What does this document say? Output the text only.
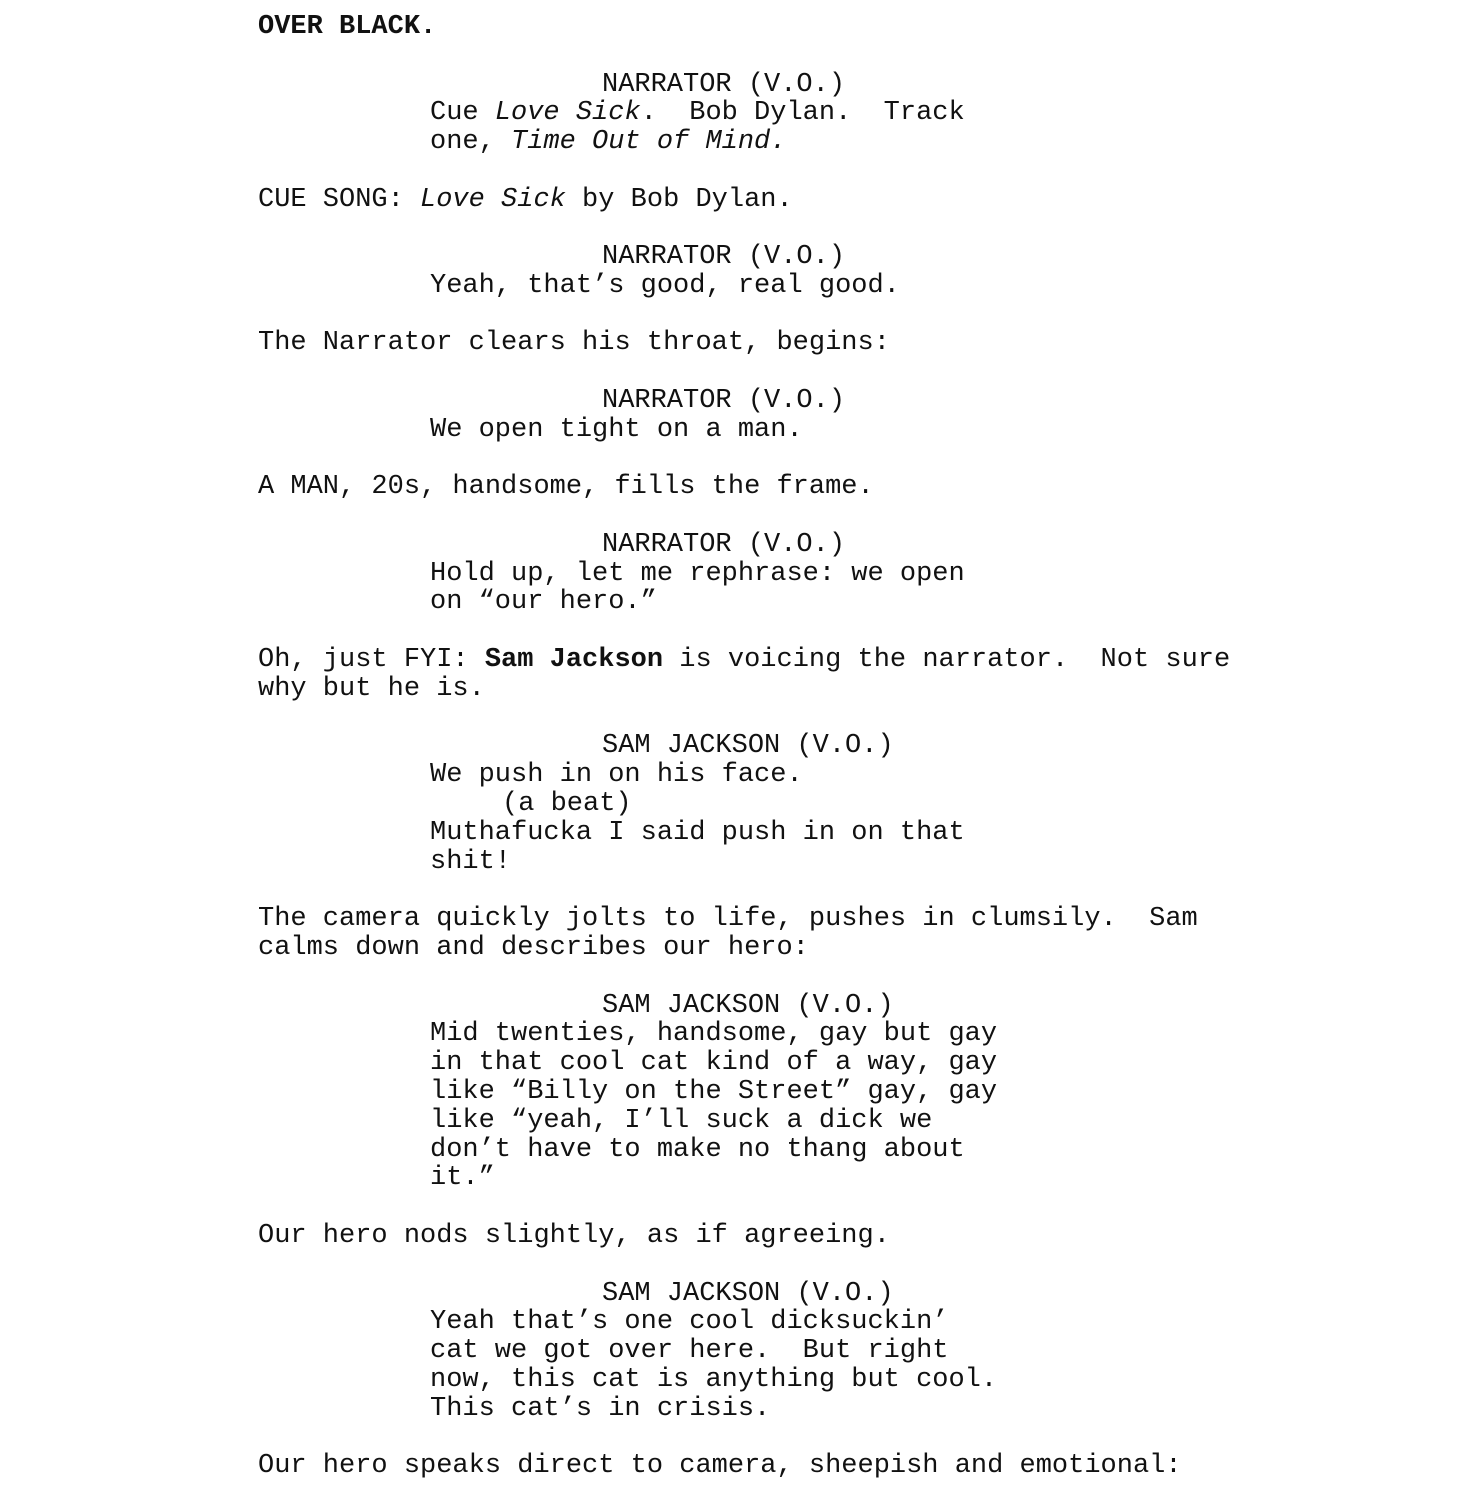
OVER BLACK.
NARRATOR (V.O.)
Cue Love Sick.  Bob Dylan.  Track
one, Time Out of Mind.
CUE SONG: Love Sick by Bob Dylan.
NARRATOR (V.O.)
Yeah, that’s good, real good.
The Narrator clears his throat, begins:
NARRATOR (V.O.)
We open tight on a man.
A MAN, 20s, handsome, fills the frame.
NARRATOR (V.O.)
Hold up, let me rephrase: we open
on “our hero.”
Oh, just FYI: Sam Jackson is voicing the narrator.  Not sure
why but he is.
SAM JACKSON (V.O.)
We push in on his face.
(a beat)
Muthafucka I said push in on that
shit!
The camera quickly jolts to life, pushes in clumsily.  Sam
calms down and describes our hero:
SAM JACKSON (V.O.)
Mid twenties, handsome, gay but gay
in that cool cat kind of a way, gay
like “Billy on the Street” gay, gay
like “yeah, I’ll suck a dick we
don’t have to make no thang about
it.”
Our hero nods slightly, as if agreeing.
SAM JACKSON (V.O.)
Yeah that’s one cool dicksuckin’
cat we got over here.  But right
now, this cat is anything but cool.
This cat’s in crisis.
Our hero speaks direct to camera, sheepish and emotional:
